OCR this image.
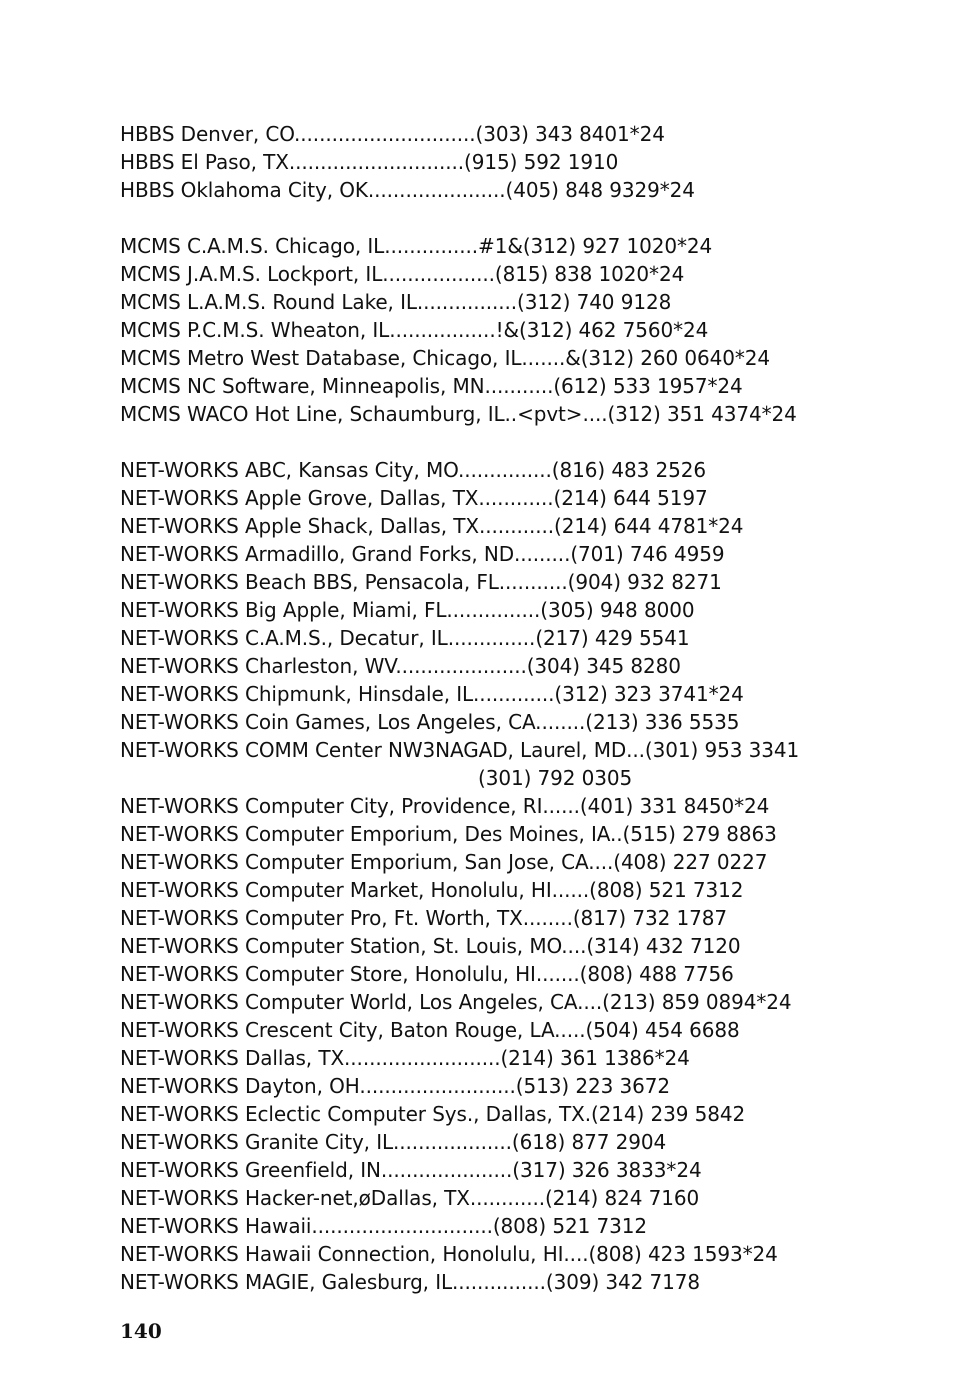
HBBS Denver, CO.............................(303) 343 8401*24
HBBS El Paso, TX............................(915) 592 1910
HBBS Oklahoma City, OK......................(405) 848 9329*24
MCMS C.A.M.S. Chicago, IL...............#1&(312) 927 1020*24
MCMS J.A.M.S. Lockport, IL..................(815) 838 1020*24
MCMS L.A.M.S. Round Lake, IL................(312) 740 9128
MCMS P.C.M.S. Wheaton, IL.................!&(312) 462 7560*24
MCMS Metro West Database, Chicago, IL.......&(312) 260 0640*24
MCMS NC Software, Minneapolis, MN...........(612) 533 1957*24
MCMS WACO Hot Line, Schaumburg, IL..<pvt>....(312) 351 4374*24
NET-WORKS ABC, Kansas City, MO...............(816) 483 2526
NET-WORKS Apple Grove, Dallas, TX............(214) 644 5197
NET-WORKS Apple Shack, Dallas, TX............(214) 644 4781*24
NET-WORKS Armadillo, Grand Forks, ND.........(701) 746 4959
NET-WORKS Beach BBS, Pensacola, FL...........(904) 932 8271
NET-WORKS Big Apple, Miami, FL...............(305) 948 8000
NET-WORKS C.A.M.S., Decatur, IL..............(217) 429 5541
NET-WORKS Charleston, WV.....................(304) 345 8280
NET-WORKS Chipmunk, Hinsdale, IL.............(312) 323 3741*24
NET-WORKS Coin Games, Los Angeles, CA........(213) 336 5535
NET-WORKS COMM Center NW3NAGAD, Laurel, MD...(301) 953 3341
(301) 792 0305
NET-WORKS Computer City, Providence, RI......(401) 331 8450*24
NET-WORKS Computer Emporium, Des Moines, IA..(515) 279 8863
NET-WORKS Computer Emporium, San Jose, CA....(408) 227 0227
NET-WORKS Computer Market, Honolulu, HI......(808) 521 7312
NET-WORKS Computer Pro, Ft. Worth, TX........(817) 732 1787
NET-WORKS Computer Station, St. Louis, MO....(314) 432 7120
NET-WORKS Computer Store, Honolulu, HI.......(808) 488 7756
NET-WORKS Computer World, Los Angeles, CA....(213) 859 0894*24
NET-WORKS Crescent City, Baton Rouge, LA.....(504) 454 6688
NET-WORKS Dallas, TX.........................(214) 361 1386*24
NET-WORKS Dayton, OH.........................(513) 223 3672
NET-WORKS Eclectic Computer Sys., Dallas, TX.(214) 239 5842
NET-WORKS Granite City, IL...................(618) 877 2904
NET-WORKS Greenfield, IN.....................(317) 326 3833*24
NET-WORKS Hacker-net,øDallas, TX............(214) 824 7160
NET-WORKS Hawaii.............................(808) 521 7312
NET-WORKS Hawaii Connection, Honolulu, HI....(808) 423 1593*24
NET-WORKS MAGIE, Galesburg, IL...............(309) 342 7178
140
